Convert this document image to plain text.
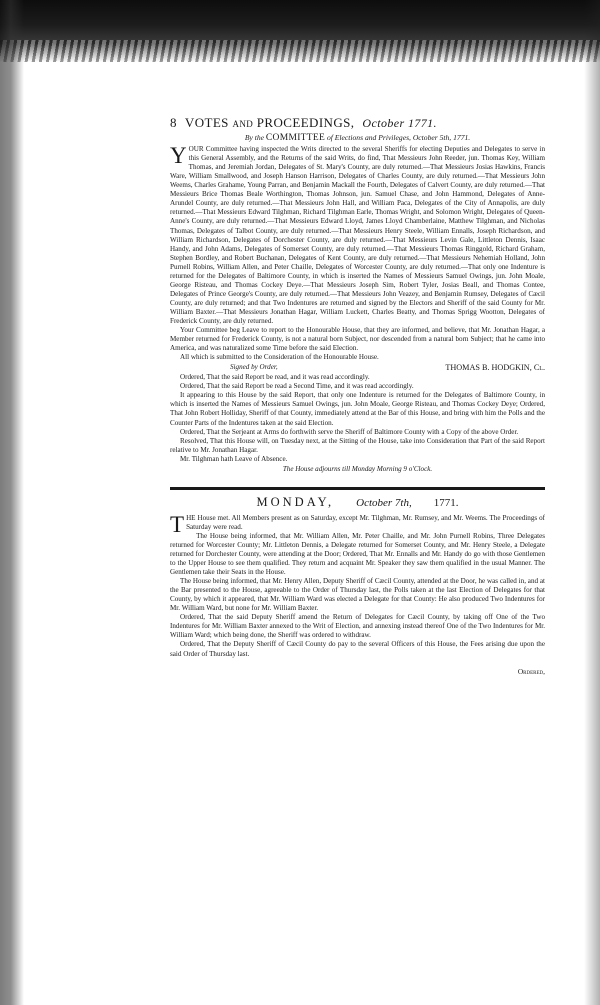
8 VOTES and PROCEEDINGS, October 1771.
By the COMMITTEE of Elections and Privileges, October 5th, 1771.

YOUR Committee having inspected the Writs directed to the several Sheriffs for electing Deputies and Delegates to serve in this General Assembly, and the Returns of the said Writs, do find, That Messieurs John Reeder, jun. Thomas Key, William Thomas, and Jeremiah Jordan, Delegates of St. Mary's County, are duly returned.—That Messieurs Josias Hawkins, Francis Ware, William Smallwood, and Joseph Hanson Harrison, Delegates of Charles County, are duly returned.—That Messieurs John Weems, Charles Grahame, Young Parran, and Benjamin Mackall the Fourth, Delegates of Calvert County, are duly returned.—That Messieurs Brice Thomas Beale Worthington, Thomas Johnson, jun. Samuel Chase, and John Hammond, Delegates of Anne-Arundel County, are duly returned.—That Messieurs John Hall, and William Paca, Delegates of the City of Annapolis, are duly returned.—That Messieurs Edward Tilghman, Richard Tilghman Earle, Thomas Wright, and Solomon Wright, Delegates of Queen-Anne's County, are duly returned.—That Messieurs Edward Lloyd, James Lloyd Chamberlaine, Matthew Tilghman, and Nicholas Thomas, Delegates of Talbot County, are duly returned.—That Messieurs Henry Steele, William Ennalls, Joseph Richardson, and William Richardson, Delegates of Dorchester County, are duly returned.—That Messieurs Levin Gale, Littleton Dennis, Isaac Handy, and John Adams, Delegates of Somerset County, are duly returned.—That Messieurs Thomas Ringgold, Richard Graham, Stephen Bordley, and Robert Buchanan, Delegates of Kent County, are duly returned.—That Messieurs Nehemiah Holland, John Purnell Robins, William Allen, and Peter Chaille, Delegates of Worcester County, are duly returned.—That only one Indenture is returned for the Delegates of Baltimore County, in which is inserted the Names of Messieurs Samuel Owings, jun. John Moale, George Risteau, and Thomas Cockey Deye.—That Messieurs Joseph Sim, Robert Tyler, Josias Beall, and Thomas Contee, Delegates of Prince George's County, are duly returned.—That Messieurs John Veazey, and Benjamin Rumsey, Delegates of Cæcil County, are duly returned; and that Two Indentures are returned and signed by the Electors and Sheriff of the said County for Mr. William Baxter.—That Messieurs Jonathan Hagar, William Luckett, Charles Beatty, and Thomas Sprigg Wootton, Delegates of Frederick County, are duly returned.

Your Committee beg Leave to report to the Honourable House, that they are informed, and believe, that Mr. Jonathan Hagar, a Member returned for Frederick County, is not a natural born Subject, nor descended from a natural born Subject; that he came into America, and was naturalized some Time before the said Election.

All which is submitted to the Consideration of the Honourable House.

Signed by Order,	THOMAS B. HODGKIN, Cl.

Ordered, That the said Report be read, and it was read accordingly.

Ordered, That the said Report be read a Second Time, and it was read accordingly.

It appearing to this House by the said Report, that only one Indenture is returned for the Delegates of Baltimore County, in which is inserted the Names of Messieurs Samuel Owings, jun. John Moale, George Risteau, and Thomas Cockey Deye; Ordered, That John Robert Holliday, Sheriff of that County, immediately attend at the Bar of this House, and bring with him the Polls and the Counter Parts of the Indentures taken at the said Election.

Ordered, That the Serjeant at Arms do forthwith serve the Sheriff of Baltimore County with a Copy of the above Order.

Resolved, That this House will, on Tuesday next, at the Sitting of the House, take into Consideration that Part of the said Report relative to Mr. Jonathan Hagar.

Mr. Tilghman hath Leave of Absence.

The House adjourns till Monday Morning 9 o'Clock.
MONDAY, October 7th, 1771.

THE House met. All Members present as on Saturday, except Mr. Tilghman, Mr. Rumsey, and Mr. Weems. The Proceedings of Saturday were read.

The House being informed, that Mr. William Allen, Mr. Peter Chaille, and Mr. John Purnell Robins, Three Delegates returned for Worcester County; Mr. Littleton Dennis, a Delegate returned for Somerset County, and Mr. Henry Steele, a Delegate returned for Dorchester County, were attending at the Door; Ordered, That Mr. Ennalls and Mr. Handy do go with those Gentlemen to the Upper House to see them qualified. They return and acquaint Mr. Speaker they saw them qualified in the usual Manner. The Gentlemen take their Seats in the House.

The House being informed, that Mr. Henry Allen, Deputy Sheriff of Cæcil County, attended at the Door, he was called in, and at the Bar presented to the House, agreeable to the Order of Thursday last, the Polls taken at the last Election of Delegates for that County, by which it appeared, that Mr. William Ward was elected a Delegate for that County: He also produced Two Indentures for Mr. William Ward, but none for Mr. William Baxter.

Ordered, That the said Deputy Sheriff amend the Return of Delegates for Cæcil County, by taking off One of the Two Indentures for Mr. William Baxter annexed to the Writ of Election, and annexing instead thereof One of the Two Indentures for Mr. William Ward; which being done, the Sheriff was ordered to withdraw.

Ordered, That the Deputy Sheriff of Cæcil County do pay to the several Officers of this House, the Fees arising due upon the said Order of Thursday last.

Ordered,
